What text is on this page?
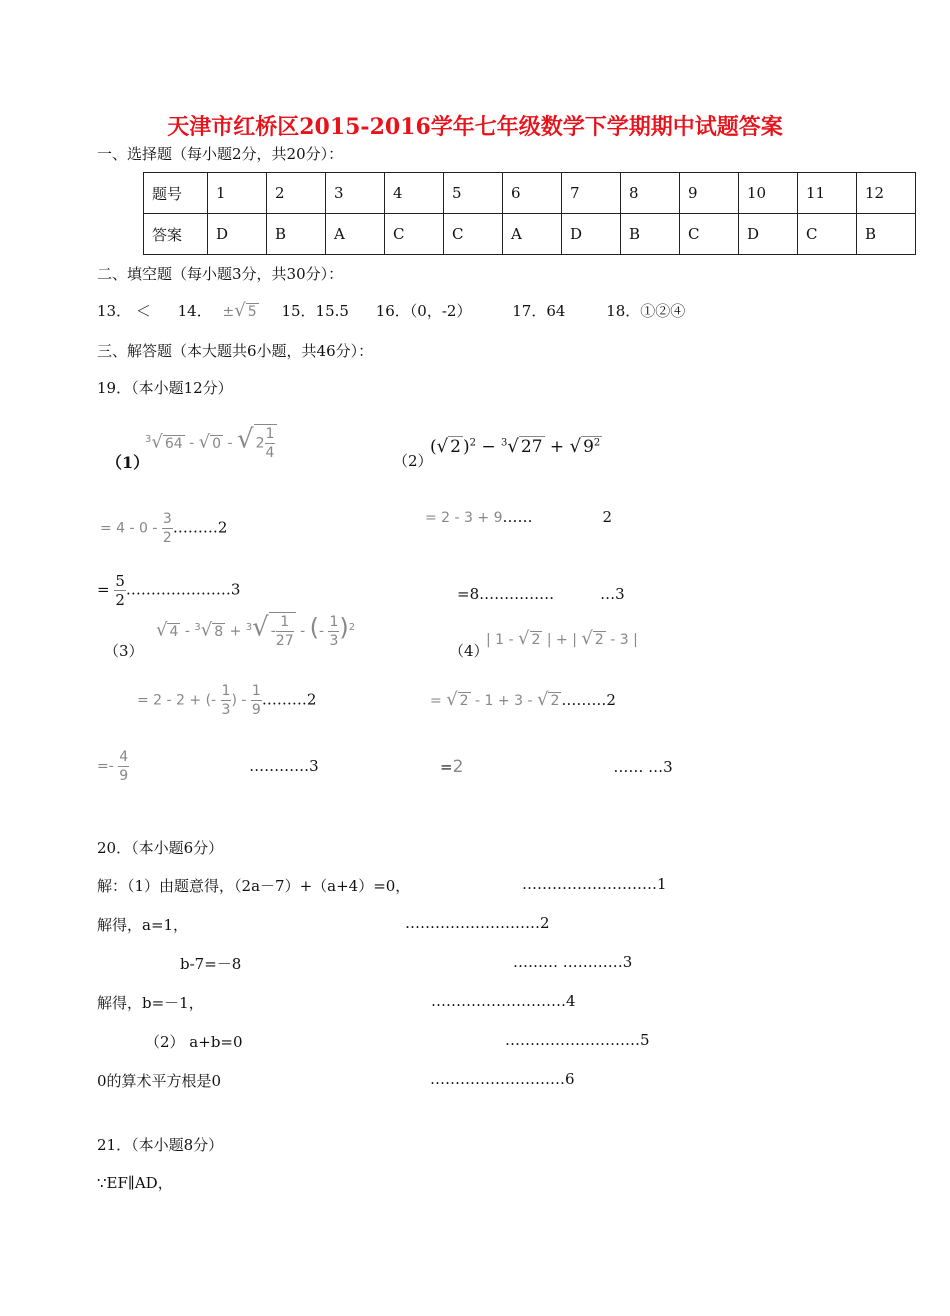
天津市红桥区2015-2016学年七年级数学下学期期中试题答案
一、选择题（每小题2分，共20分）：
题号	1	2	3	4	5	6	7	8	9	10	11	12
答案	D	B	A	C	C	A	D	B	C	D	C	B
二、填空题（每小题3分，共30分）：
13． ＜ 14． ±√ 5 15．15.5 16．（0，-2）	17．64	18．①②④
三、解答题（本大题共6小题，共46分）：
19．（本小题12分）
（1）
$^3$√ 64 - √ 0 - √ $2 \frac{1}{4}$
= $4 - 0 - \frac{3}{2}$ ………2
= $\frac{5}{2}$ …………………3
（2）
(√ 2 )$^2$ − $^3$√ 27 + √ $9^2$
= 2 - 3 + 9……	2
=8……………	…3
（3）
√ 4 - $^3$√ $8 + ^3√ - \frac{1}{27}$ - (- $\frac{1}{3} )^2$
= 2 - 2 + (- $\frac{1}{3}$ ) - $\frac{1}{9}$ ………2
=- $\frac{4}{9}$	…………3
（4）
| 1 - √ 2 | + | √ 2 - 3 |
= √ 2 - 1 + 3 - √ 2 ………2
=2	…… …3
20．（本小题6分）
解：（1）由题意得，（2a－7）+（a+4）=0，	………………………1
解得，a=1，	………………………2
b-7=－8	……… …………3
解得，b=－1，	………………………4
（2） a+b=0	………………………5
0的算术平方根是0	………………………6
21．（本小题8分）
∵EF∥AD，
